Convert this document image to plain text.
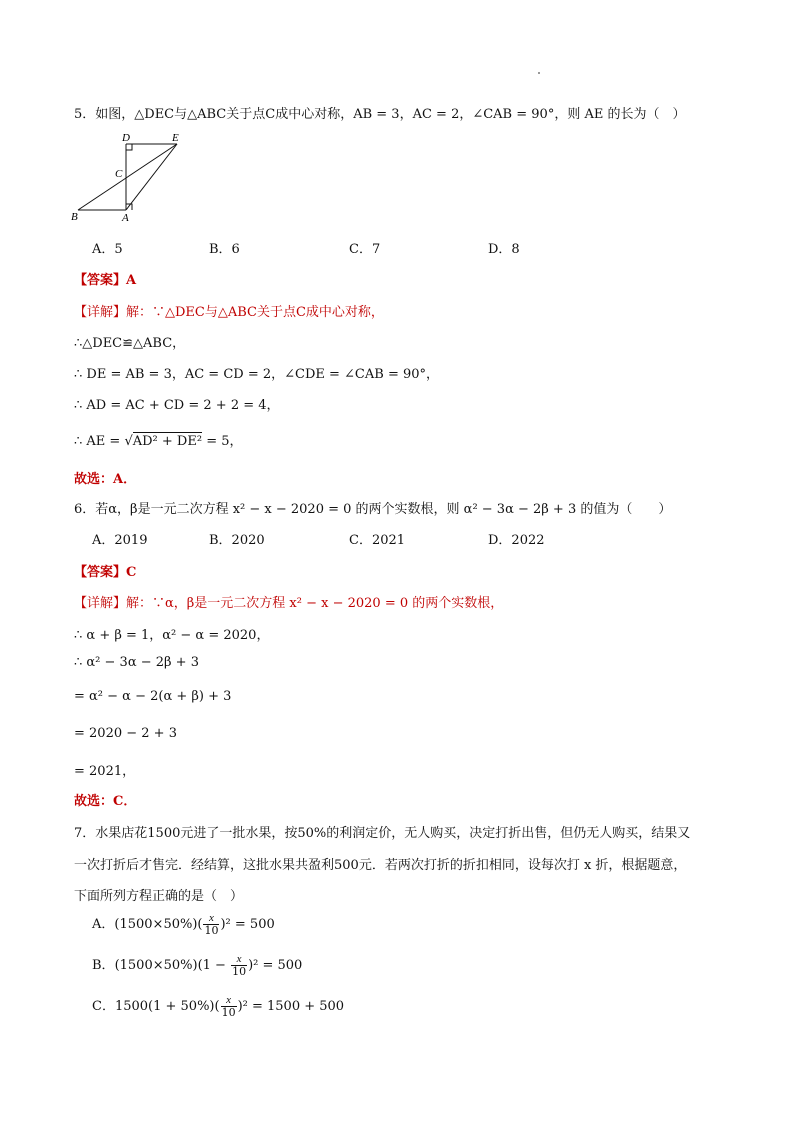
5．如图，△DEC与△ABC关于点C成中心对称，AB = 3，AC = 2，∠CAB = 90°，则 AE 的长为（　）
D	E
C
B	A
A．5	B．6	C．7	D．8
【答案】A
【详解】解：∵△DEC与△ABC关于点C成中心对称，
∴△DEC≌△ABC，
∴ DE = AB = 3，AC = CD = 2，∠CDE = ∠CAB = 90°，
∴ AD = AC + CD = 2 + 2 = 4，
∴ AE = √AD² + DE² = 5，
故选：A．
6．若α，β是一元二次方程 x² − x − 2020 = 0 的两个实数根，则 α² − 3α − 2β + 3 的值为（　　）
A．2019	B．2020	C．2021	D．2022
【答案】C
【详解】解：∵α，β是一元二次方程 x² − x − 2020 = 0 的两个实数根，
∴ α + β = 1，α² − α = 2020，
∴ α² − 3α − 2β + 3
= α² − α − 2(α + β) + 3
= 2020 − 2 + 3
= 2021，
故选：C．
7．水果店花1500元进了一批水果，按50%的利润定价，无人购买，决定打折出售，但仍无人购买，结果又
一次打折后才售完．经结算，这批水果共盈利500元．若两次打折的折扣相同，设每次打 x 折，根据题意，
下面所列方程正确的是（　）
A．$(1500\times 50\%)( \frac{x}{10} )^2 = 500$
B．$(1500\times 50\%)(1 - \frac{x}{10} )^2 = 500$
C．$1500(1 + 50\%)( \frac{x}{10} )^2 = 1500 + 500$
